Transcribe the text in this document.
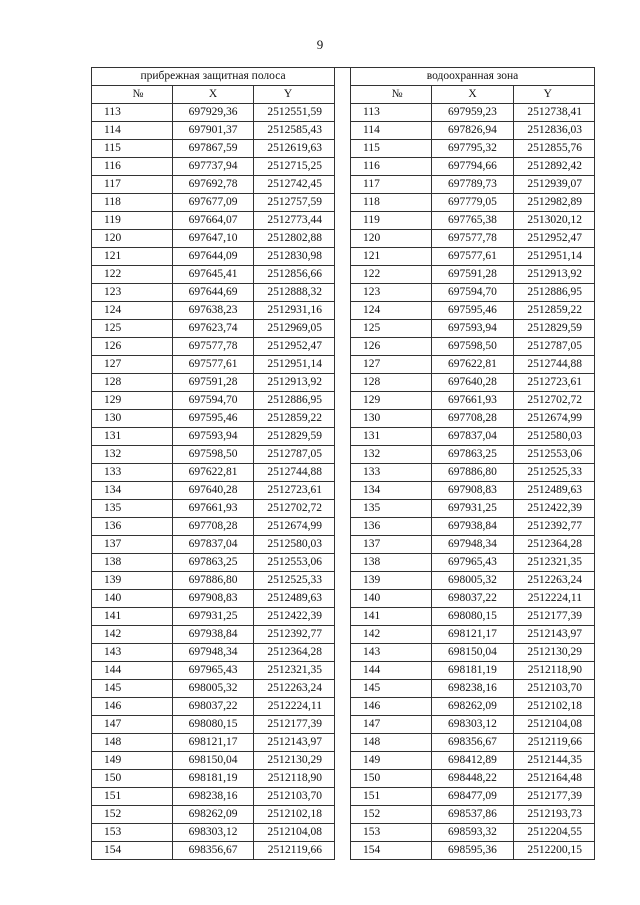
9
прибрежная защитная полоса		
№	X	Y
113	697929,36	2512551,59
114	697901,37	2512585,43
115	697867,59	2512619,63
116	697737,94	2512715,25
117	697692,78	2512742,45
118	697677,09	2512757,59
119	697664,07	2512773,44
120	697647,10	2512802,88
121	697644,09	2512830,98
122	697645,41	2512856,66
123	697644,69	2512888,32
124	697638,23	2512931,16
125	697623,74	2512969,05
126	697577,78	2512952,47
127	697577,61	2512951,14
128	697591,28	2512913,92
129	697594,70	2512886,95
130	697595,46	2512859,22
131	697593,94	2512829,59
132	697598,50	2512787,05
133	697622,81	2512744,88
134	697640,28	2512723,61
135	697661,93	2512702,72
136	697708,28	2512674,99
137	697837,04	2512580,03
138	697863,25	2512553,06
139	697886,80	2512525,33
140	697908,83	2512489,63
141	697931,25	2512422,39
142	697938,84	2512392,77
143	697948,34	2512364,28
144	697965,43	2512321,35
145	698005,32	2512263,24
146	698037,22	2512224,11
147	698080,15	2512177,39
148	698121,17	2512143,97
149	698150,04	2512130,29
150	698181,19	2512118,90
151	698238,16	2512103,70
152	698262,09	2512102,18
153	698303,12	2512104,08
154	698356,67	2512119,66
водоохранная зона		
№	X	Y
113	697959,23	2512738,41
114	697826,94	2512836,03
115	697795,32	2512855,76
116	697794,66	2512892,42
117	697789,73	2512939,07
118	697779,05	2512982,89
119	697765,38	2513020,12
120	697577,78	2512952,47
121	697577,61	2512951,14
122	697591,28	2512913,92
123	697594,70	2512886,95
124	697595,46	2512859,22
125	697593,94	2512829,59
126	697598,50	2512787,05
127	697622,81	2512744,88
128	697640,28	2512723,61
129	697661,93	2512702,72
130	697708,28	2512674,99
131	697837,04	2512580,03
132	697863,25	2512553,06
133	697886,80	2512525,33
134	697908,83	2512489,63
135	697931,25	2512422,39
136	697938,84	2512392,77
137	697948,34	2512364,28
138	697965,43	2512321,35
139	698005,32	2512263,24
140	698037,22	2512224,11
141	698080,15	2512177,39
142	698121,17	2512143,97
143	698150,04	2512130,29
144	698181,19	2512118,90
145	698238,16	2512103,70
146	698262,09	2512102,18
147	698303,12	2512104,08
148	698356,67	2512119,66
149	698412,89	2512144,35
150	698448,22	2512164,48
151	698477,09	2512177,39
152	698537,86	2512193,73
153	698593,32	2512204,55
154	698595,36	2512200,15
